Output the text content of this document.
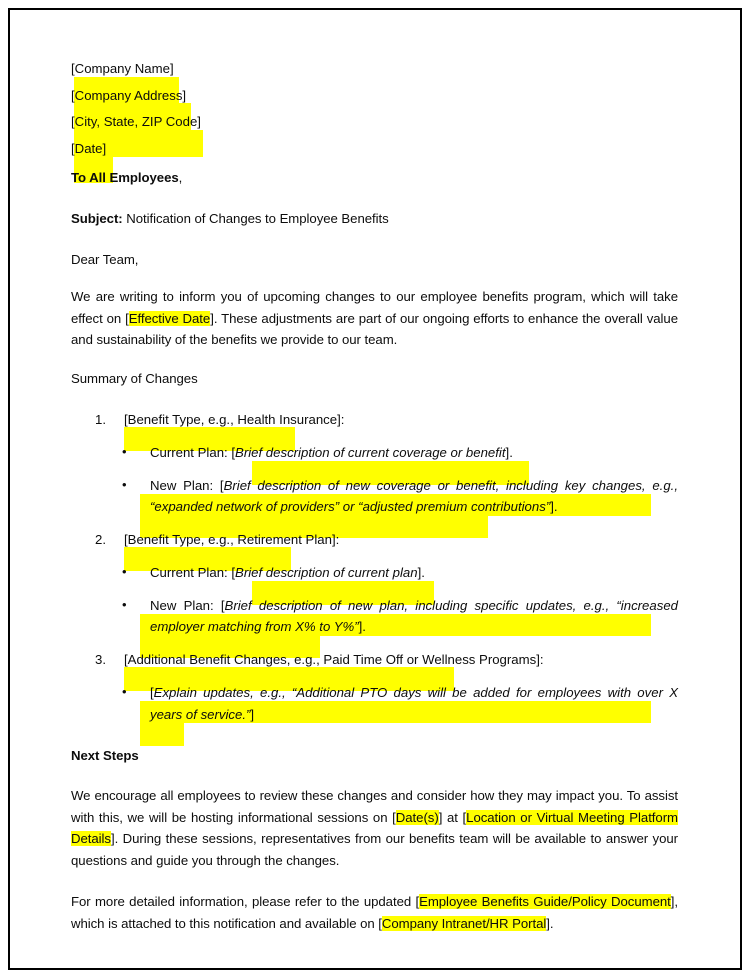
[Company Name]
[Company Address]
[City, State, ZIP Code]
[Date]
To All Employees,
Subject: Notification of Changes to Employee Benefits
Dear Team,
We are writing to inform you of upcoming changes to our employee benefits program, which will take effect on [Effective Date]. These adjustments are part of our ongoing efforts to enhance the overall value and sustainability of the benefits we provide to our team.
Summary of Changes
1.	[Benefit Type, e.g., Health Insurance]:
• Current Plan: [Brief description of current coverage or benefit].
• New Plan: [Brief description of new coverage or benefit, including key changes, e.g., “expanded network of providers” or “adjusted premium contributions”].
2.	[Benefit Type, e.g., Retirement Plan]:
• Current Plan: [Brief description of current plan].
• New Plan: [Brief description of new plan, including specific updates, e.g., “increased employer matching from X% to Y%”].
3.	[Additional Benefit Changes, e.g., Paid Time Off or Wellness Programs]:
• [Explain updates, e.g., “Additional PTO days will be added for employees with over X years of service.”]
Next Steps
We encourage all employees to review these changes and consider how they may impact you. To assist with this, we will be hosting informational sessions on [Date(s)] at [Location or Virtual Meeting Platform Details]. During these sessions, representatives from our benefits team will be available to answer your questions and guide you through the changes.
For more detailed information, please refer to the updated [Employee Benefits Guide/Policy Document], which is attached to this notification and available on [Company Intranet/HR Portal].
